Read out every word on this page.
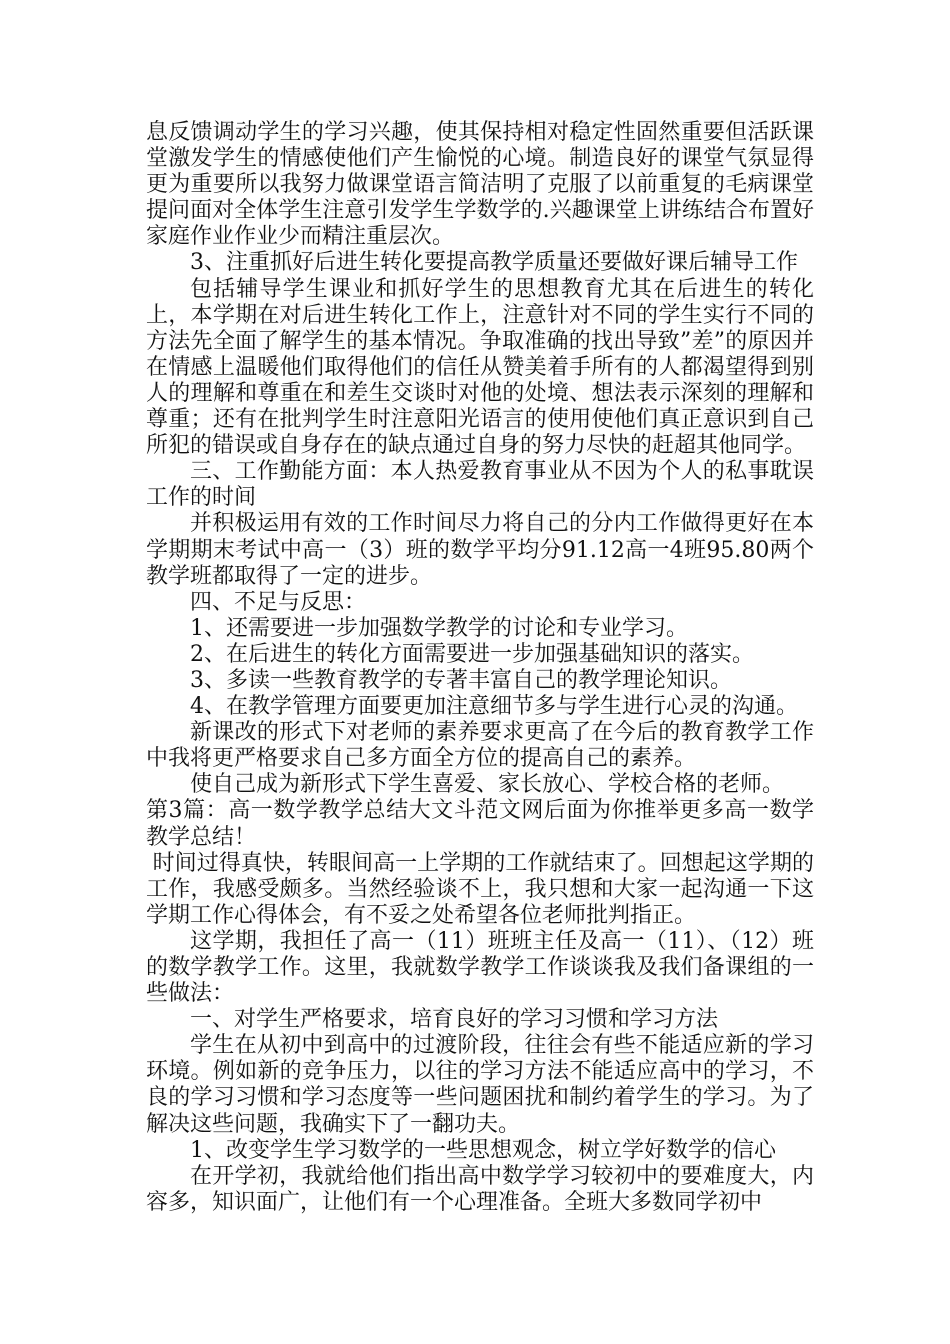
息反馈调动学生的学习兴趣，使其保持相对稳定性固然重要但活跃课堂激发学生的情感使他们产生愉悦的心境。制造良好的课堂气氛显得更为重要所以我努力做课堂语言简洁明了克服了以前重复的毛病课堂提问面对全体学生注意引发学生学数学的.兴趣课堂上讲练结合布置好家庭作业作业少而精注重层次。

3、注重抓好后进生转化要提高教学质量还要做好课后辅导工作

包括辅导学生课业和抓好学生的思想教育尤其在后进生的转化上，本学期在对后进生转化工作上，注意针对不同的学生实行不同的方法先全面了解学生的基本情况。争取准确的找出导致”差”的原因并在情感上温暖他们取得他们的信任从赞美着手所有的人都渴望得到别人的理解和尊重在和差生交谈时对他的处境、想法表示深刻的理解和尊重；还有在批判学生时注意阳光语言的使用使他们真正意识到自己所犯的错误或自身存在的缺点通过自身的努力尽快的赶超其他同学。

三、工作勤能方面：本人热爱教育事业从不因为个人的私事耽误工作的时间

并积极运用有效的工作时间尽力将自己的分内工作做得更好在本学期期末考试中高一（3）班的数学平均分91.12高一4班95.80两个教学班都取得了一定的进步。

四、不足与反思：

1、还需要进一步加强数学教学的讨论和专业学习。

2、在后进生的转化方面需要进一步加强基础知识的落实。

3、多读一些教育教学的专著丰富自己的教学理论知识。

4、在教学管理方面要更加注意细节多与学生进行心灵的沟通。

新课改的形式下对老师的素养要求更高了在今后的教育教学工作中我将更严格要求自己多方面全方位的提高自己的素养。

使自己成为新形式下学生喜爱、家长放心、学校合格的老师。

第3篇：高一数学教学总结大文斗范文网后面为你推举更多高一数学教学总结！

时间过得真快，转眼间高一上学期的工作就结束了。回想起这学期的工作，我感受颇多。当然经验谈不上，我只想和大家一起沟通一下这学期工作心得体会，有不妥之处希望各位老师批判指正。

这学期，我担任了高一（11）班班主任及高一（11）、（12）班的数学教学工作。这里，我就数学教学工作谈谈我及我们备课组的一些做法：

一、对学生严格要求，培育良好的学习习惯和学习方法

学生在从初中到高中的过渡阶段，往往会有些不能适应新的学习环境。例如新的竞争压力，以往的学习方法不能适应高中的学习，不良的学习习惯和学习态度等一些问题困扰和制约着学生的学习。为了解决这些问题，我确实下了一翻功夫。

1、改变学生学习数学的一些思想观念，树立学好数学的信心

在开学初，我就给他们指出高中数学学习较初中的要难度大，内容多，知识面广，让他们有一个心理准备。全班大多数同学初中
